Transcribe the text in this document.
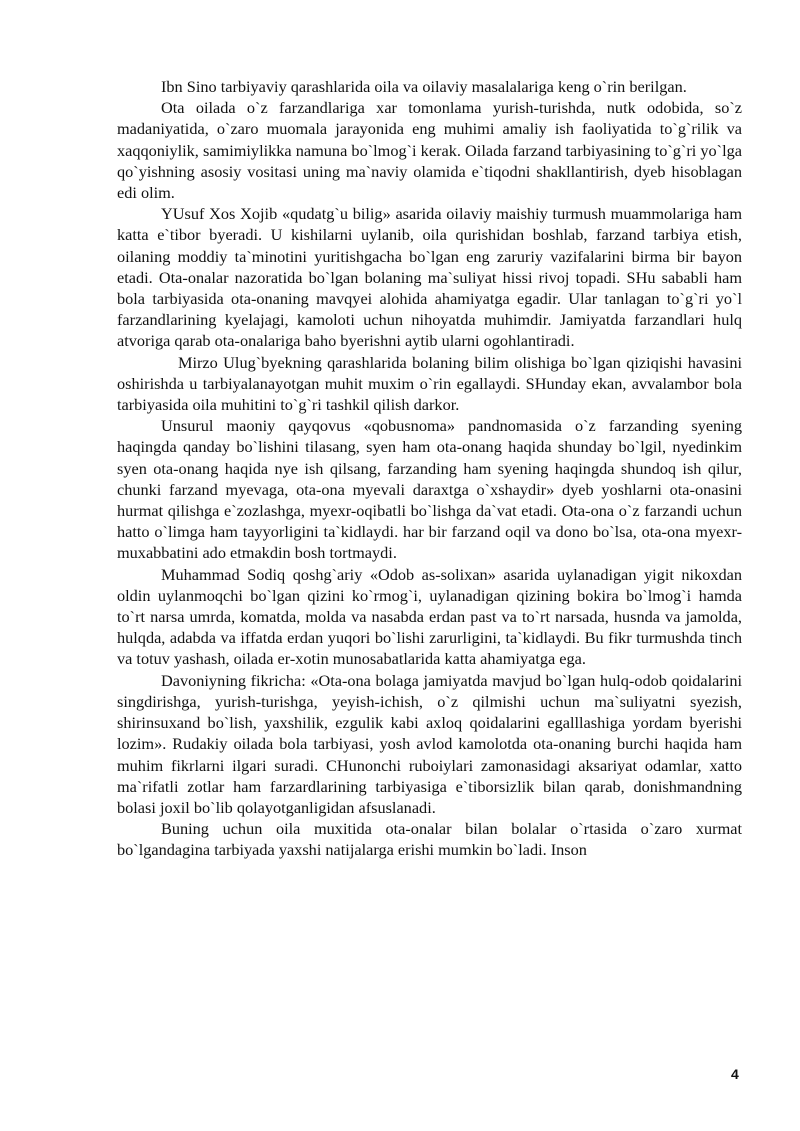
Ibn Sino tarbiyaviy qarashlarida oila va oilaviy masalalariga keng o`rin berilgan.

Ota oilada o`z farzandlariga xar tomonlama yurish-turishda, nutk odobida, so`z madaniyatida, o`zaro muomala jarayonida eng muhimi amaliy ish faoliyatida to`g`rilik va xaqqoniylik, samimiylikka namuna bo`lmog`i kerak. Oilada farzand tarbiyasining to`g`ri yo`lga qo`yishning asosiy vositasi uning ma`naviy olamida e`tiqodni shakllantirish, dyeb hisoblagan edi olim.

YUsuf Xos Xojib «qudatg`u bilig» asarida oilaviy maishiy turmush muammolariga ham katta e`tibor byeradi. U kishilarni uylanib, oila qurishidan boshlab, farzand tarbiya etish, oilaning moddiy ta`minotini yuritishgacha bo`lgan eng zaruriy vazifalarini birma bir bayon etadi. Ota-onalar nazoratida bo`lgan bolaning ma`suliyat hissi rivoj topadi. SHu sababli ham bola tarbiyasida ota-onaning mavqyei alohida ahamiyatga egadir. Ular tanlagan to`g`ri yo`l farzandlarining kyelajagi, kamoloti uchun nihoyatda muhimdir. Jamiyatda farzandlari hulq atvoriga qarab ota-onalariga baho byerishni aytib ularni ogohlantiradi.

Mirzo Ulug`byekning qarashlarida bolaning bilim olishiga bo`lgan qiziqishi havasini oshirishda u tarbiyalanayotgan muhit muxim o`rin egallaydi. SHunday ekan, avvalambor bola tarbiyasida oila muhitini to`g`ri tashkil qilish darkor.

Unsurul maoniy qayqovus «qobusnoma» pandnomasida o`z farzanding syening haqingda qanday bo`lishini tilasang, syen ham ota-onang haqida shunday bo`lgil, nyedinkim syen ota-onang haqida nye ish qilsang, farzanding ham syening haqingda shundoq ish qilur, chunki farzand myevaga, ota-ona myevali daraxtga o`xshaydir» dyeb yoshlarni ota-onasini hurmat qilishga e`zozlashga, myexr-oqibatli bo`lishga da`vat etadi. Ota-ona o`z farzandi uchun hatto o`limga ham tayyorligini ta`kidlaydi. har bir farzand oqil va dono bo`lsa, ota-ona myexr-muxabbatini ado etmakdin bosh tortmaydi.

Muhammad Sodiq qoshg`ariy «Odob as-solixan» asarida uylanadigan yigit nikoxdan oldin uylanmoqchi bo`lgan qizini ko`rmog`i, uylanadigan qizining bokira bo`lmog`i hamda to`rt narsa umrda, komatda, molda va nasabda erdan past va to`rt narsada, husnda va jamolda, hulqda, adabda va iffatda erdan yuqori bo`lishi zarurligini, ta`kidlaydi. Bu fikr turmushda tinch va totuv yashash, oilada er-xotin munosabatlarida katta ahamiyatga ega.

Davoniyning fikricha: «Ota-ona bolaga jamiyatda mavjud bo`lgan hulq-odob qoidalarini singdirishga, yurish-turishga, yeyish-ichish, o`z qilmishi uchun ma`suliyatni syezish, shirinsuxand bo`lish, yaxshilik, ezgulik kabi axloq qoidalarini egalllashiga yordam byerishi lozim». Rudakiy oilada bola tarbiyasi, yosh avlod kamolotda ota-onaning burchi haqida ham muhim fikrlarni ilgari suradi. CHunonchi ruboiylari zamonasidagi aksariyat odamlar, xatto ma`rifatli zotlar ham farzardlarining tarbiyasiga e`tiborsizlik bilan qarab, donishmandning bolasi joxil bo`lib qolayotganligidan afsuslanadi.

Buning uchun oila muxitida ota-onalar bilan bolalar o`rtasida o`zaro xurmat bo`lgandagina tarbiyada yaxshi natijalarga erishi mumkin bo`ladi. Inson

4
